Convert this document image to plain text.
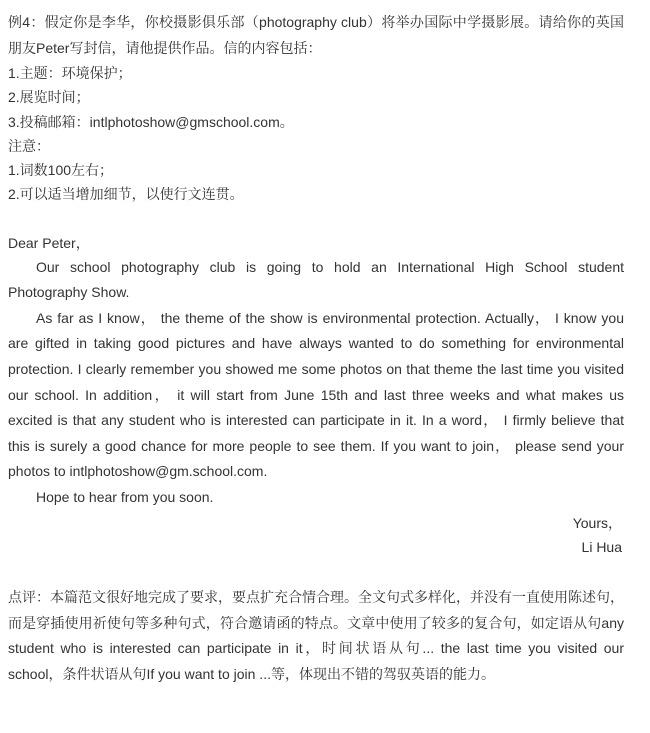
例4：假定你是李华，你校摄影俱乐部（photography club）将举办国际中学摄影展。请给你的英国朋友Peter写封信，请他提供作品。信的内容包括：
1.主题：环境保护；
2.展览时间；
3.投稿邮箱：intlphotoshow@gmschool.com。
注意：
1.词数100左右；
2.可以适当增加细节，以使行文连贯。
Dear Peter，
Our school photography club is going to hold an International High School student Photography Show.
As far as I know， the theme of the show is environmental protection. Actually， I know you are gifted in taking good pictures and have always wanted to do something for environmental protection. I clearly remember you showed me some photos on that theme the last time you visited our school. In addition， it will start from June 15th and last three weeks and what makes us excited is that any student who is interested can participate in it. In a word， I firmly believe that this is surely a good chance for more people to see them. If you want to join， please send your photos to intlphotoshow@gm.school.com.
Hope to hear from you soon.
Yours，
Li Hua
点评：本篇范文很好地完成了要求，要点扩充合情合理。全文句式多样化，并没有一直使用陈述句，而是穿插使用祈使句等多种句式，符合邀请函的特点。文章中使用了较多的复合句，如定语从句any student who is interested can participate in it，时间状语从句... the last time you visited our school，条件状语从句If you want to join ...等，体现出不错的驾驭英语的能力。
